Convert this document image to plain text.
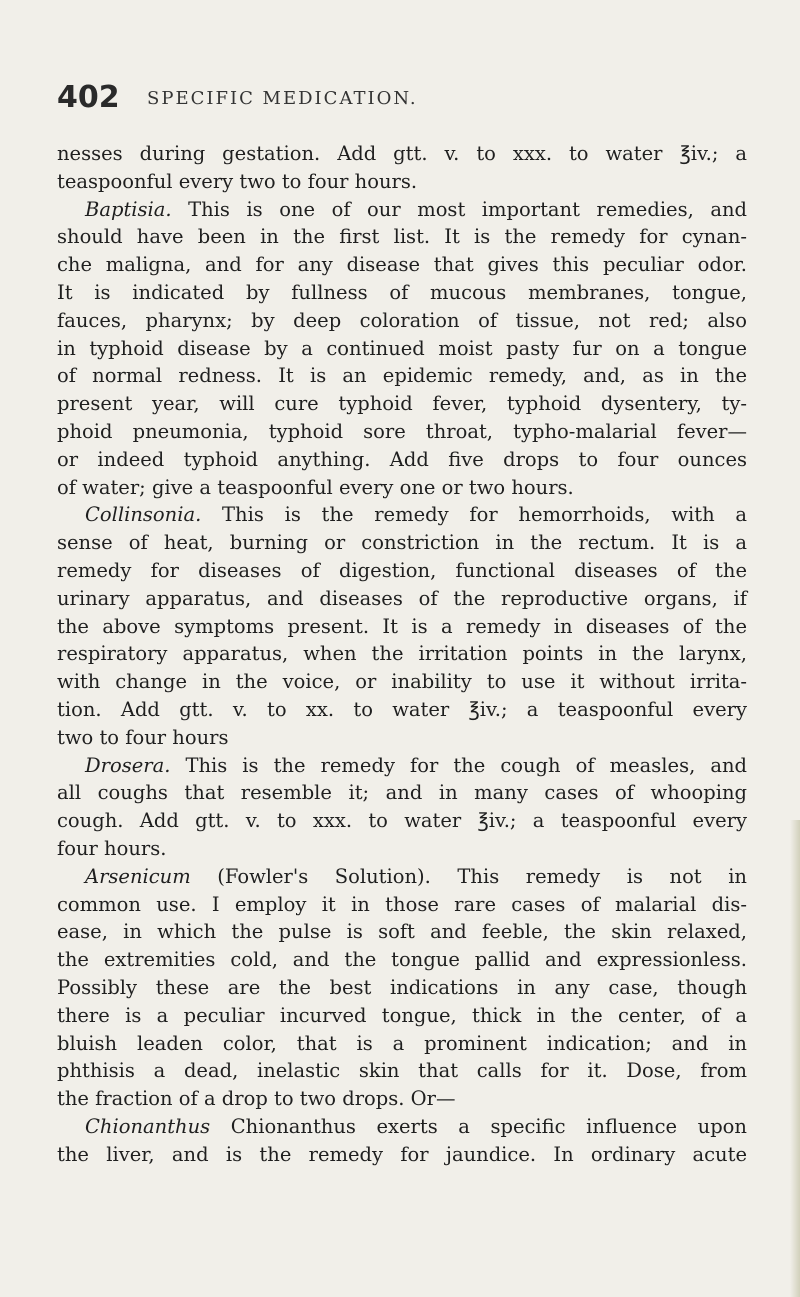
402 SPECIFIC MEDICATION.
nesses during gestation. Add gtt. v. to xxx. to water ℥iv.; a
teaspoonful every two to four hours.
Baptisia. This is one of our most important remedies, and
should have been in the first list. It is the remedy for cynan-
che maligna, and for any disease that gives this peculiar odor.
It is indicated by fullness of mucous membranes, tongue,
fauces, pharynx; by deep coloration of tissue, not red; also
in typhoid disease by a continued moist pasty fur on a tongue
of normal redness. It is an epidemic remedy, and, as in the
present year, will cure typhoid fever, typhoid dysentery, ty-
phoid pneumonia, typhoid sore throat, typho-malarial fever—
or indeed typhoid anything. Add five drops to four ounces
of water; give a teaspoonful every one or two hours.
Collinsonia. This is the remedy for hemorrhoids, with a
sense of heat, burning or constriction in the rectum. It is a
remedy for diseases of digestion, functional diseases of the
urinary apparatus, and diseases of the reproductive organs, if
the above symptoms present. It is a remedy in diseases of the
respiratory apparatus, when the irritation points in the larynx,
with change in the voice, or inability to use it without irrita-
tion. Add gtt. v. to xx. to water ℥iv.; a teaspoonful every
two to four hours
Drosera. This is the remedy for the cough of measles, and
all coughs that resemble it; and in many cases of whooping
cough. Add gtt. v. to xxx. to water ℥iv.; a teaspoonful every
four hours.
Arsenicum (Fowler's Solution). This remedy is not in
common use. I employ it in those rare cases of malarial dis-
ease, in which the pulse is soft and feeble, the skin relaxed,
the extremities cold, and the tongue pallid and expressionless.
Possibly these are the best indications in any case, though
there is a peculiar incurved tongue, thick in the center, of a
bluish leaden color, that is a prominent indication; and in
phthisis a dead, inelastic skin that calls for it. Dose, from
the fraction of a drop to two drops. Or—
Chionanthus Chionanthus exerts a specific influence upon
the liver, and is the remedy for jaundice. In ordinary acute
